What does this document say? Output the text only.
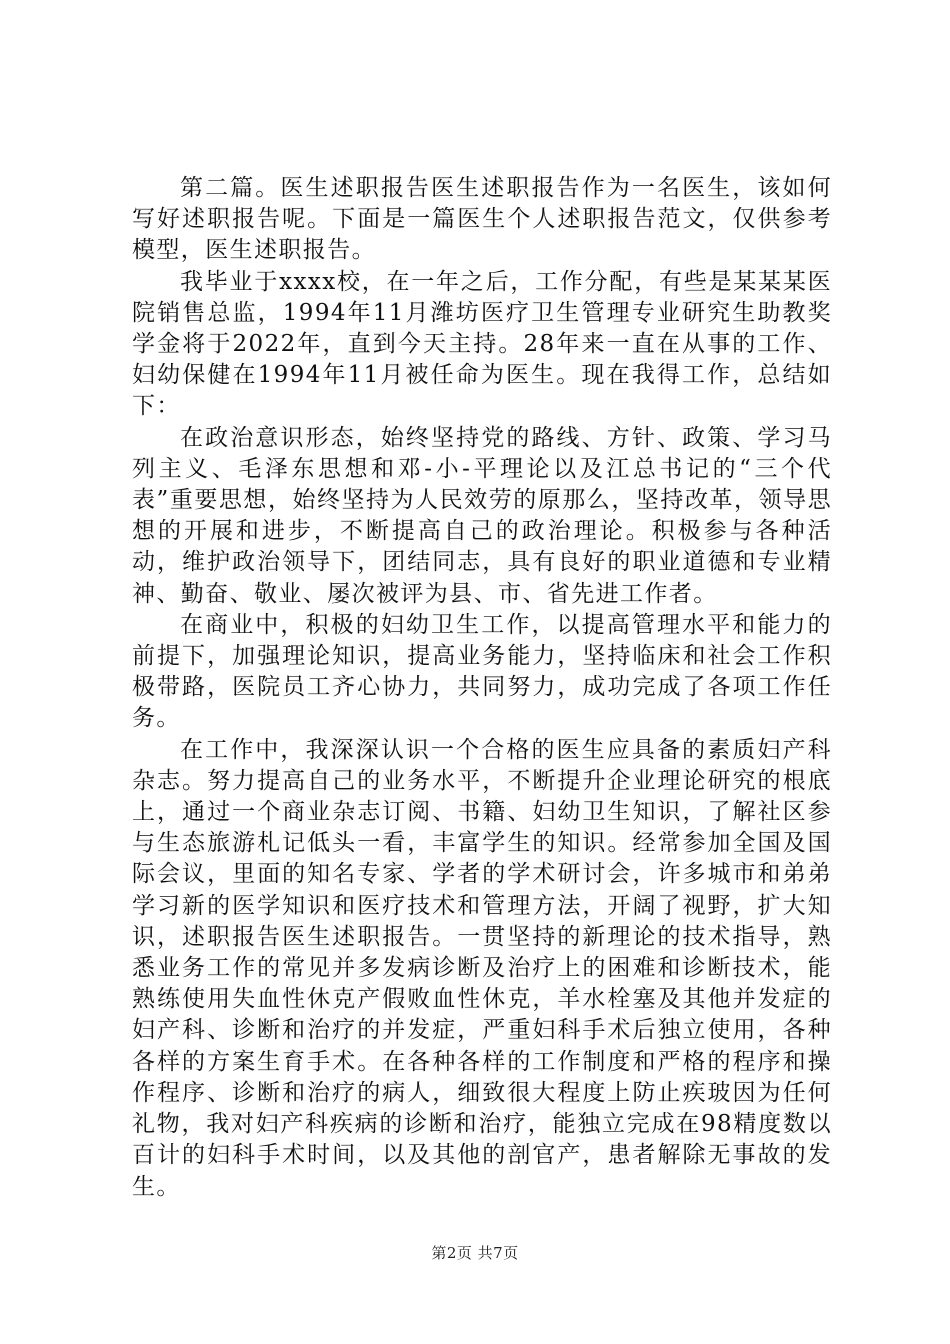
第二篇。医生述职报告医生述职报告作为一名医生，该如何写好述职报告呢。下面是一篇医生个人述职报告范文，仅供参考模型，医生述职报告。

我毕业于xxxx校，在一年之后，工作分配，有些是某某某医院销售总监，1994年11月潍坊医疗卫生管理专业研究生助教奖学金将于2022年，直到今天主持。28年来一直在从事的工作、妇幼保健在1994年11月被任命为医生。现在我得工作，总结如下：

在政治意识形态，始终坚持党的路线、方针、政策、学习马列主义、毛泽东思想和邓-小-平理论以及江总书记的“三个代表”重要思想，始终坚持为人民效劳的原那么，坚持改革，领导思想的开展和进步，不断提高自己的政治理论。积极参与各种活动，维护政治领导下，团结同志，具有良好的职业道德和专业精神、勤奋、敬业、屡次被评为县、市、省先进工作者。

在商业中，积极的妇幼卫生工作，以提高管理水平和能力的前提下，加强理论知识，提高业务能力，坚持临床和社会工作积极带路，医院员工齐心协力，共同努力，成功完成了各项工作任务。

在工作中，我深深认识一个合格的医生应具备的素质妇产科杂志。努力提高自己的业务水平，不断提升企业理论研究的根底上，通过一个商业杂志订阅、书籍、妇幼卫生知识，了解社区参与生态旅游札记低头一看，丰富学生的知识。经常参加全国及国际会议，里面的知名专家、学者的学术研讨会，许多城市和弟弟学习新的医学知识和医疗技术和管理方法，开阔了视野，扩大知识，述职报告医生述职报告。一贯坚持的新理论的技术指导，熟悉业务工作的常见并多发病诊断及治疗上的困难和诊断技术，能熟练使用失血性休克产假败血性休克，羊水栓塞及其他并发症的妇产科、诊断和治疗的并发症，严重妇科手术后独立使用，各种各样的方案生育手术。在各种各样的工作制度和严格的程序和操作程序、诊断和治疗的病人，细致很大程度上防止疾玻因为任何礼物，我对妇产科疾病的诊断和治疗，能独立完成在98精度数以百计的妇科手术时间，以及其他的剖官产，患者解除无事故的发生。

第2页 共7页
